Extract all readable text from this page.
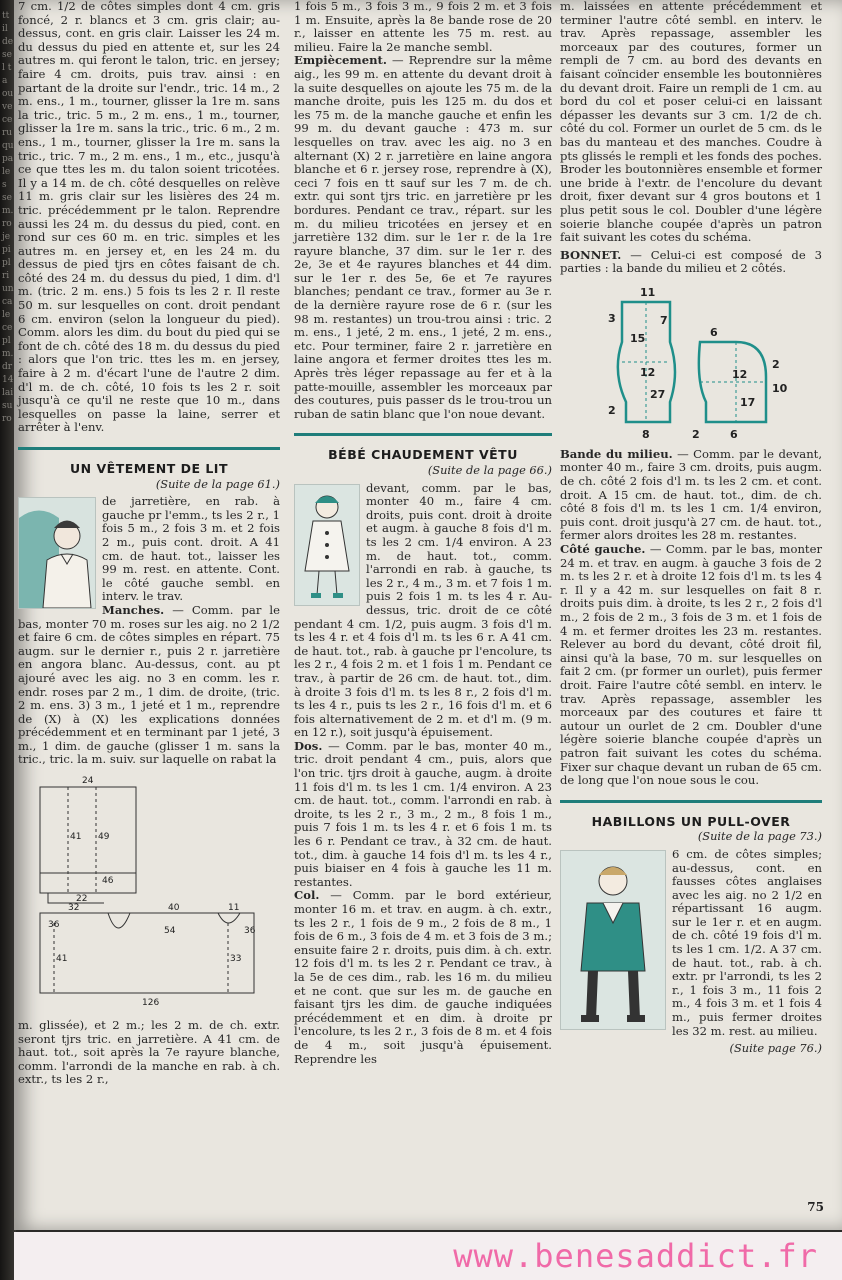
tt il de sel ta ou ve ce ru qu pa les se m. ro je pi pl ri un ca le ce pl m. dr 14 lai su ro

7 cm. 1/2 de côtes simples dont 4 cm. gris foncé, 2 r. blancs et 3 cm. gris clair; au-dessus, cont. en gris clair. Laisser les 24 m. du dessus du pied en attente et, sur les 24 autres m. qui feront le talon, tric. en jersey; faire 4 cm. droits, puis trav. ainsi : en partant de la droite sur l'endr., tric. 14 m., 2 m. ens., 1 m., tourner, glisser la 1re m. sans la tric., tric. 5 m., 2 m. ens., 1 m., tourner, glisser la 1re m. sans la tric., tric. 6 m., 2 m. ens., 1 m., tourner, glisser la 1re m. sans la tric., tric. 7 m., 2 m. ens., 1 m., etc., jusqu'à ce que ttes les m. du talon soient tricotées. Il y a 14 m. de ch. côté desquelles on relève 11 m. gris clair sur les lisières des 24 m. tric. précédemment pr le talon. Reprendre aussi les 24 m. du dessus du pied, cont. en rond sur ces 60 m. en tric. simples et les autres m. en jersey et, en les 24 m. du dessus de pied tjrs en côtes faisant de ch. côté des 24 m. du dessus du pied, 1 dim. d'l m. (tric. 2 m. ens.) 5 fois ts les 2 r. Il reste 50 m. sur lesquelles on cont. droit pendant 6 cm. environ (selon la longueur du pied). Comm. alors les dim. du bout du pied qui se font de ch. côté des 18 m. du dessus du pied : alors que l'on tric. ttes les m. en jersey, faire à 2 m. d'écart l'une de l'autre 2 dim. d'l m. de ch. côté, 10 fois ts les 2 r. soit jusqu'à ce qu'il ne reste que 10 m., dans lesquelles on passe la laine, serrer et arrêter à l'env.

UN VÊTEMENT DE LIT
(Suite de la page 61.)

de jarretière, en rab. à gauche pr l'emm., ts les 2 r., 1 fois 5 m., 2 fois 3 m. et 2 fois 2 m., puis cont. droit. A 41 cm. de haut. tot., laisser les 99 m. rest. en attente. Cont. le côté gauche sembl. en interv. le trav.

Manches. — Comm. par le bas, monter 70 m. roses sur les aig. no 2 1/2 et faire 6 cm. de côtes simples en répart. 75 augm. sur le dernier r., puis 2 r. jarretière en angora blanc. Au-dessus, cont. au pt ajouré avec les aig. no 3 en comm. les r. endr. roses par 2 m., 1 dim. de droite, (tric. 2 m. ens. 3) 3 m., 1 jeté et 1 m., reprendre de (X) à (X) les explications données précédemment et en terminant par 1 jeté, 3 m., 1 dim. de gauche (glisser 1 m. sans la tric., tric. la m. suiv. sur laquelle on rabat la

24
41 49
46
22
32
36
40	11
54	36
41	33
126

m. glissée), et 2 m.; les 2 m. de ch. extr. seront tjrs tric. en jarretière. A 41 cm. de haut. tot., soit après la 7e rayure blanche, comm. l'arrondi de la manche en rab. à ch. extr., ts les 2 r.,

1 fois 5 m., 3 fois 3 m., 9 fois 2 m. et 3 fois 1 m. Ensuite, après la 8e bande rose de 20 r., laisser en attente les 75 m. rest. au milieu. Faire la 2e manche sembl.

Empiècement. — Reprendre sur la même aig., les 99 m. en attente du devant droit à la suite desquelles on ajoute les 75 m. de la manche droite, puis les 125 m. du dos et les 75 m. de la manche gauche et enfin les 99 m. du devant gauche : 473 m. sur lesquelles on trav. avec les aig. no 3 en alternant (X) 2 r. jarretière en laine angora blanche et 6 r. jersey rose, reprendre à (X), ceci 7 fois en tt sauf sur les 7 m. de ch. extr. qui sont tjrs tric. en jarretière pr les bordures. Pendant ce trav., répart. sur les m. du milieu tricotées en jersey et en jarretière 132 dim. sur le 1er r. de la 1re rayure blanche, 37 dim. sur le 1er r. des 2e, 3e et 4e rayures blanches et 44 dim. sur le 1er r. des 5e, 6e et 7e rayures blanches; pendant ce trav., former au 3e r. de la dernière rayure rose de 6 r. (sur les 98 m. restantes) un trou-trou ainsi : tric. 2 m. ens., 1 jeté, 2 m. ens., 1 jeté, 2 m. ens., etc. Pour terminer, faire 2 r. jarretière en laine angora et fermer droites ttes les m. Après très léger repassage au fer et à la patte-mouille, assembler les morceaux par des coutures, puis passer ds le trou-trou un ruban de satin blanc que l'on noue devant.

BÉBÉ CHAUDEMENT VÊTU
(Suite de la page 66.)

devant, comm. par le bas, monter 40 m., faire 4 cm. droits, puis cont. droit à droite et augm. à gauche 8 fois d'l m. ts les 2 cm. 1/4 environ. A 23 m. de haut. tot., comm. l'arrondi en rab. à gauche, ts les 2 r., 4 m., 3 m. et 7 fois 1 m. puis 2 fois 1 m. ts les 4 r. Au-dessus, tric. droit de ce côté pendant 4 cm. 1/2, puis augm. 3 fois d'l m. ts les 4 r. et 4 fois d'l m. ts les 6 r. A 41 cm. de haut. tot., rab. à gauche pr l'encolure, ts les 2 r., 4 fois 2 m. et 1 fois 1 m. Pendant ce trav., à partir de 26 cm. de haut. tot., dim. à droite 3 fois d'l m. ts les 8 r., 2 fois d'l m. ts les 4 r., puis ts les 2 r., 16 fois d'l m. et 6 fois alternativement de 2 m. et d'l m. (9 m. en 12 r.), soit jusqu'à épuisement.

Dos. — Comm. par le bas, monter 40 m., tric. droit pendant 4 cm., puis, alors que l'on tric. tjrs droit à gauche, augm. à droite 11 fois d'l m. ts les 1 cm. 1/4 environ. A 23 cm. de haut. tot., comm. l'arrondi en rab. à droite, ts les 2 r., 3 m., 2 m., 8 fois 1 m., puis 7 fois 1 m. ts les 4 r. et 6 fois 1 m. ts les 6 r. Pendant ce trav., à 32 cm. de haut. tot., dim. à gauche 14 fois d'l m. ts les 4 r., puis biaiser en 4 fois à gauche les 11 m. restantes.

Col. — Comm. par le bord extérieur, monter 16 m. et trav. en augm. à ch. extr., ts les 2 r., 1 fois de 9 m., 2 fois de 8 m., 1 fois de 6 m., 3 fois de 4 m. et 3 fois de 3 m.; ensuite faire 2 r. droits, puis dim. à ch. extr. 12 fois d'l m. ts les 2 r. Pendant ce trav., à la 5e de ces dim., rab. les 16 m. du milieu et ne cont. que sur les m. de gauche en faisant tjrs les dim. de gauche indiquées précédemment et en dim. à droite pr l'encolure, ts les 2 r., 3 fois de 8 m. et 4 fois de 4 m., soit jusqu'à épuisement. Reprendre les

m. laissées en attente précédemment et terminer l'autre côté sembl. en interv. le trav. Après repassage, assembler les morceaux par des coutures, former un rempli de 7 cm. au bord des devants en faisant coïncider ensemble les boutonnières du devant droit. Faire un rempli de 1 cm. au bord du col et poser celui-ci en laissant dépasser les devants sur 3 cm. 1/2 de ch. côté du col. Former un ourlet de 5 cm. ds le bas du manteau et des manches. Coudre à pts glissés le rempli et les fonds des poches. Broder les boutonnières ensemble et former une bride à l'extr. de l'encolure du devant droit, fixer devant sur 4 gros boutons et 1 plus petit sous le col. Doubler d'une légère soierie blanche coupée d'après un patron fait suivant les cotes du schéma.

BONNET. — Celui-ci est composé de 3 parties : la bande du milieu et 2 côtés.

11
3	7
15
12
27
2
8
6
12
17
10
2
2	6

Bande du milieu. — Comm. par le devant, monter 40 m., faire 3 cm. droits, puis augm. de ch. côté 2 fois d'l m. ts les 2 cm. et cont. droit. A 15 cm. de haut. tot., dim. de ch. côté 8 fois d'l m. ts les 1 cm. 1/4 environ, puis cont. droit jusqu'à 27 cm. de haut. tot., fermer alors droites les 28 m. restantes.

Côté gauche. — Comm. par le bas, monter 24 m. et trav. en augm. à gauche 3 fois de 2 m. ts les 2 r. et à droite 12 fois d'l m. ts les 4 r. Il y a 42 m. sur lesquelles on fait 8 r. droits puis dim. à droite, ts les 2 r., 2 fois d'l m., 2 fois de 2 m., 3 fois de 3 m. et 1 fois de 4 m. et fermer droites les 23 m. restantes. Relever au bord du devant, côté droit fil, ainsi qu'à la base, 70 m. sur lesquelles on fait 2 cm. (pr former un ourlet), puis fermer droit. Faire l'autre côté sembl. en interv. le trav. Après repassage, assembler les morceaux par des coutures et faire tt autour un ourlet de 2 cm. Doubler d'une légère soierie blanche coupée d'après un patron fait suivant les cotes du schéma. Fixer sur chaque devant un ruban de 65 cm. de long que l'on noue sous le cou.

HABILLONS UN PULL-OVER
(Suite de la page 73.)

6 cm. de côtes simples; au-dessus, cont. en fausses côtes anglaises avec les aig. no 2 1/2 en répartissant 16 augm. sur le 1er r. et en augm. de ch. côté 19 fois d'l m. ts les 1 cm. 1/2. A 37 cm. de haut. tot., rab. à ch. extr. pr l'arrondi, ts les 2 r., 1 fois 3 m., 11 fois 2 m., 4 fois 3 m. et 1 fois 4 m., puis fermer droites les 32 m. rest. au milieu.

(Suite page 76.)
75
www.benesaddict.fr
